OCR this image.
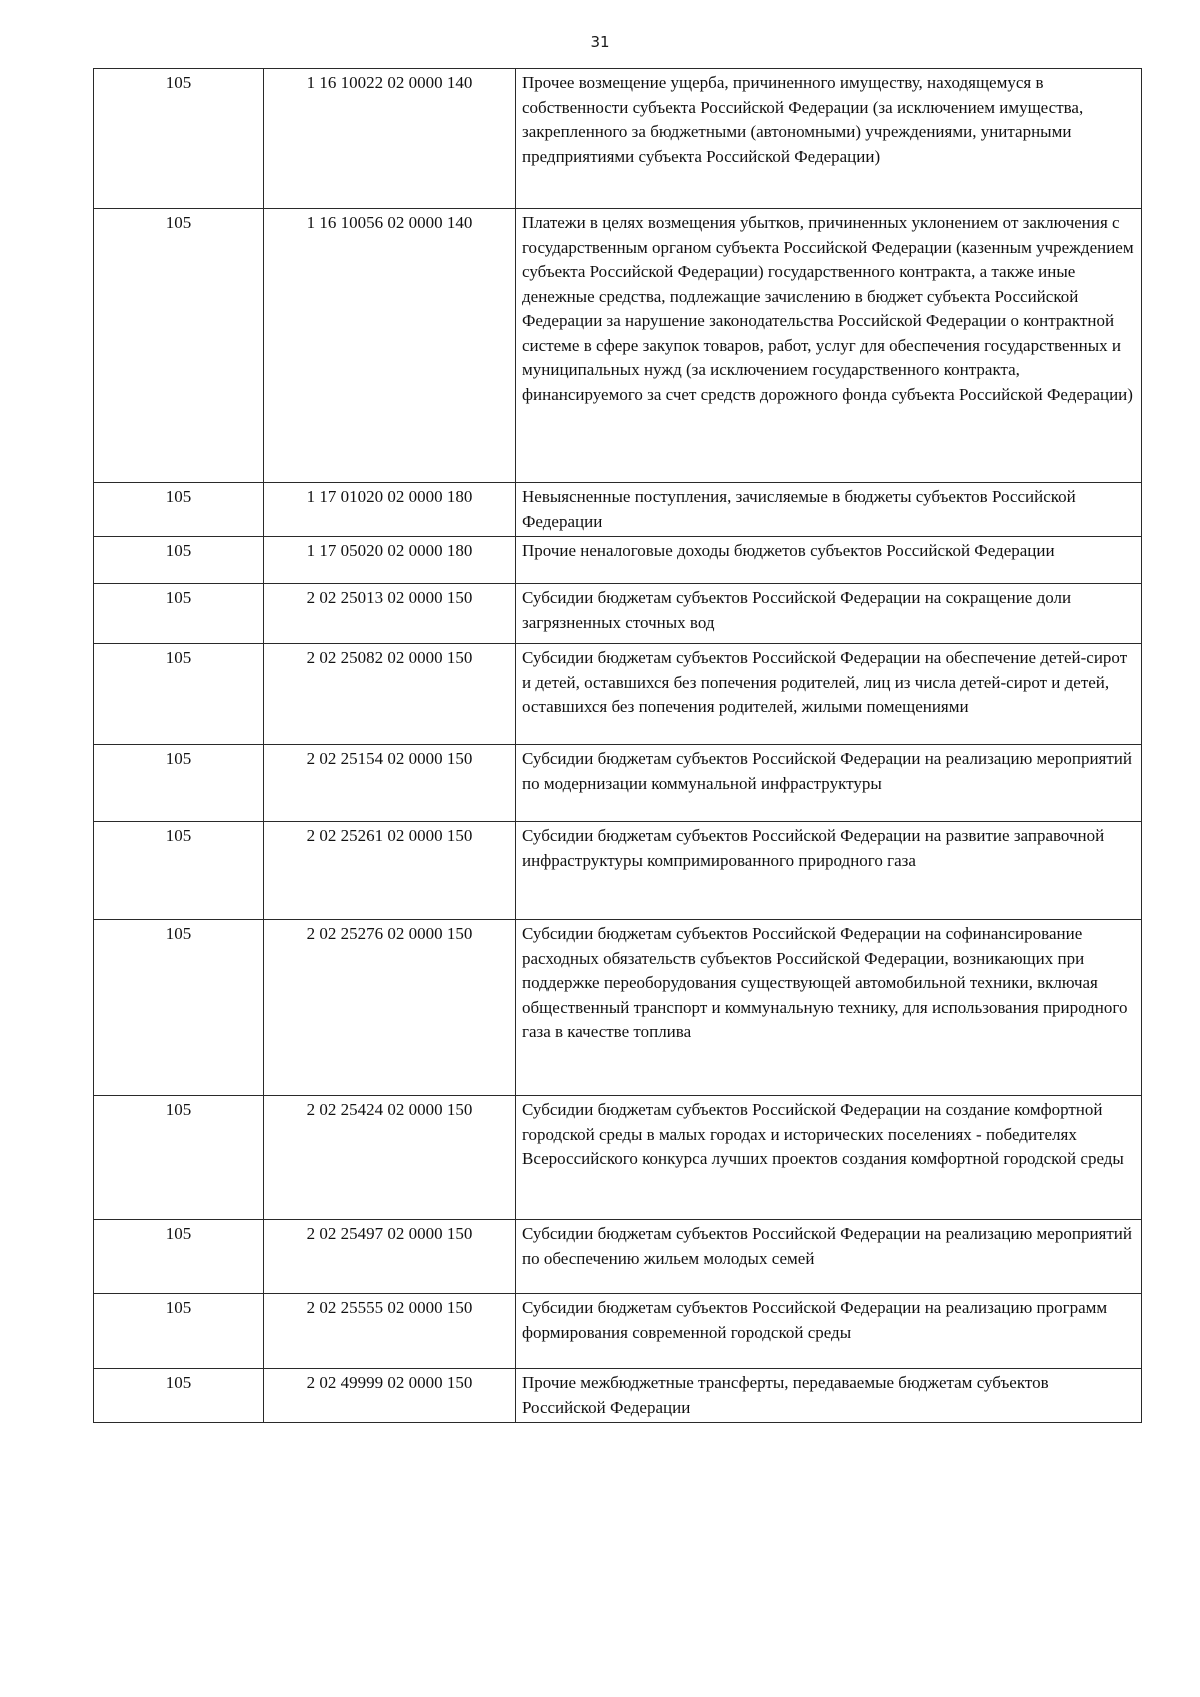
31
105	1 16 10022 02 0000 140	Прочее возмещение ущерба, причиненного имуществу, находящемуся в собственности субъекта Российской Федерации (за исключением имущества, закрепленного за бюджетными (автономными) учреждениями, унитарными предприятиями субъекта Российской Федерации)
105	1 16 10056 02 0000 140	Платежи в целях возмещения убытков, причиненных уклонением от заключения с государственным органом субъекта Российской Федерации (казенным учреждением субъекта Российской Федерации) государственного контракта, а также иные денежные средства, подлежащие зачислению в бюджет субъекта Российской Федерации за нарушение законодательства Российской Федерации о контрактной системе в сфере закупок товаров, работ, услуг для обеспечения государственных и муниципальных нужд (за исключением государственного контракта, финансируемого за счет средств дорожного фонда субъекта Российской Федерации)
105	1 17 01020 02 0000 180	Невыясненные поступления, зачисляемые в бюджеты субъектов Российской Федерации
105	1 17 05020 02 0000 180	Прочие неналоговые доходы бюджетов субъектов Российской Федерации
105	2 02 25013 02 0000 150	Субсидии бюджетам субъектов Российской Федерации на сокращение доли загрязненных сточных вод
105	2 02 25082 02 0000 150	Субсидии бюджетам субъектов Российской Федерации на обеспечение детей-сирот и детей, оставшихся без попечения родителей, лиц из числа детей-сирот и детей, оставшихся без попечения родителей, жилыми помещениями
105	2 02 25154 02 0000 150	Субсидии бюджетам субъектов Российской Федерации на реализацию мероприятий по модернизации коммунальной инфраструктуры
105	2 02 25261 02 0000 150	Субсидии бюджетам субъектов Российской Федерации на развитие заправочной инфраструктуры компримированного природного газа
105	2 02 25276 02 0000 150	Субсидии бюджетам субъектов Российской Федерации на софинансирование расходных обязательств субъектов Российской Федерации, возникающих при поддержке переоборудования существующей автомобильной техники, включая общественный транспорт и коммунальную технику, для использования природного газа в качестве топлива
105	2 02 25424 02 0000 150	Субсидии бюджетам субъектов Российской Федерации на создание комфортной городской среды в малых городах и исторических поселениях - победителях Всероссийского конкурса лучших проектов создания комфортной городской среды
105	2 02 25497 02 0000 150	Субсидии бюджетам субъектов Российской Федерации на реализацию мероприятий по обеспечению жильем молодых семей
105	2 02 25555 02 0000 150	Субсидии бюджетам субъектов Российской Федерации на реализацию программ формирования современной городской среды
105	2 02 49999 02 0000 150	Прочие межбюджетные трансферты, передаваемые бюджетам субъектов Российской Федерации
